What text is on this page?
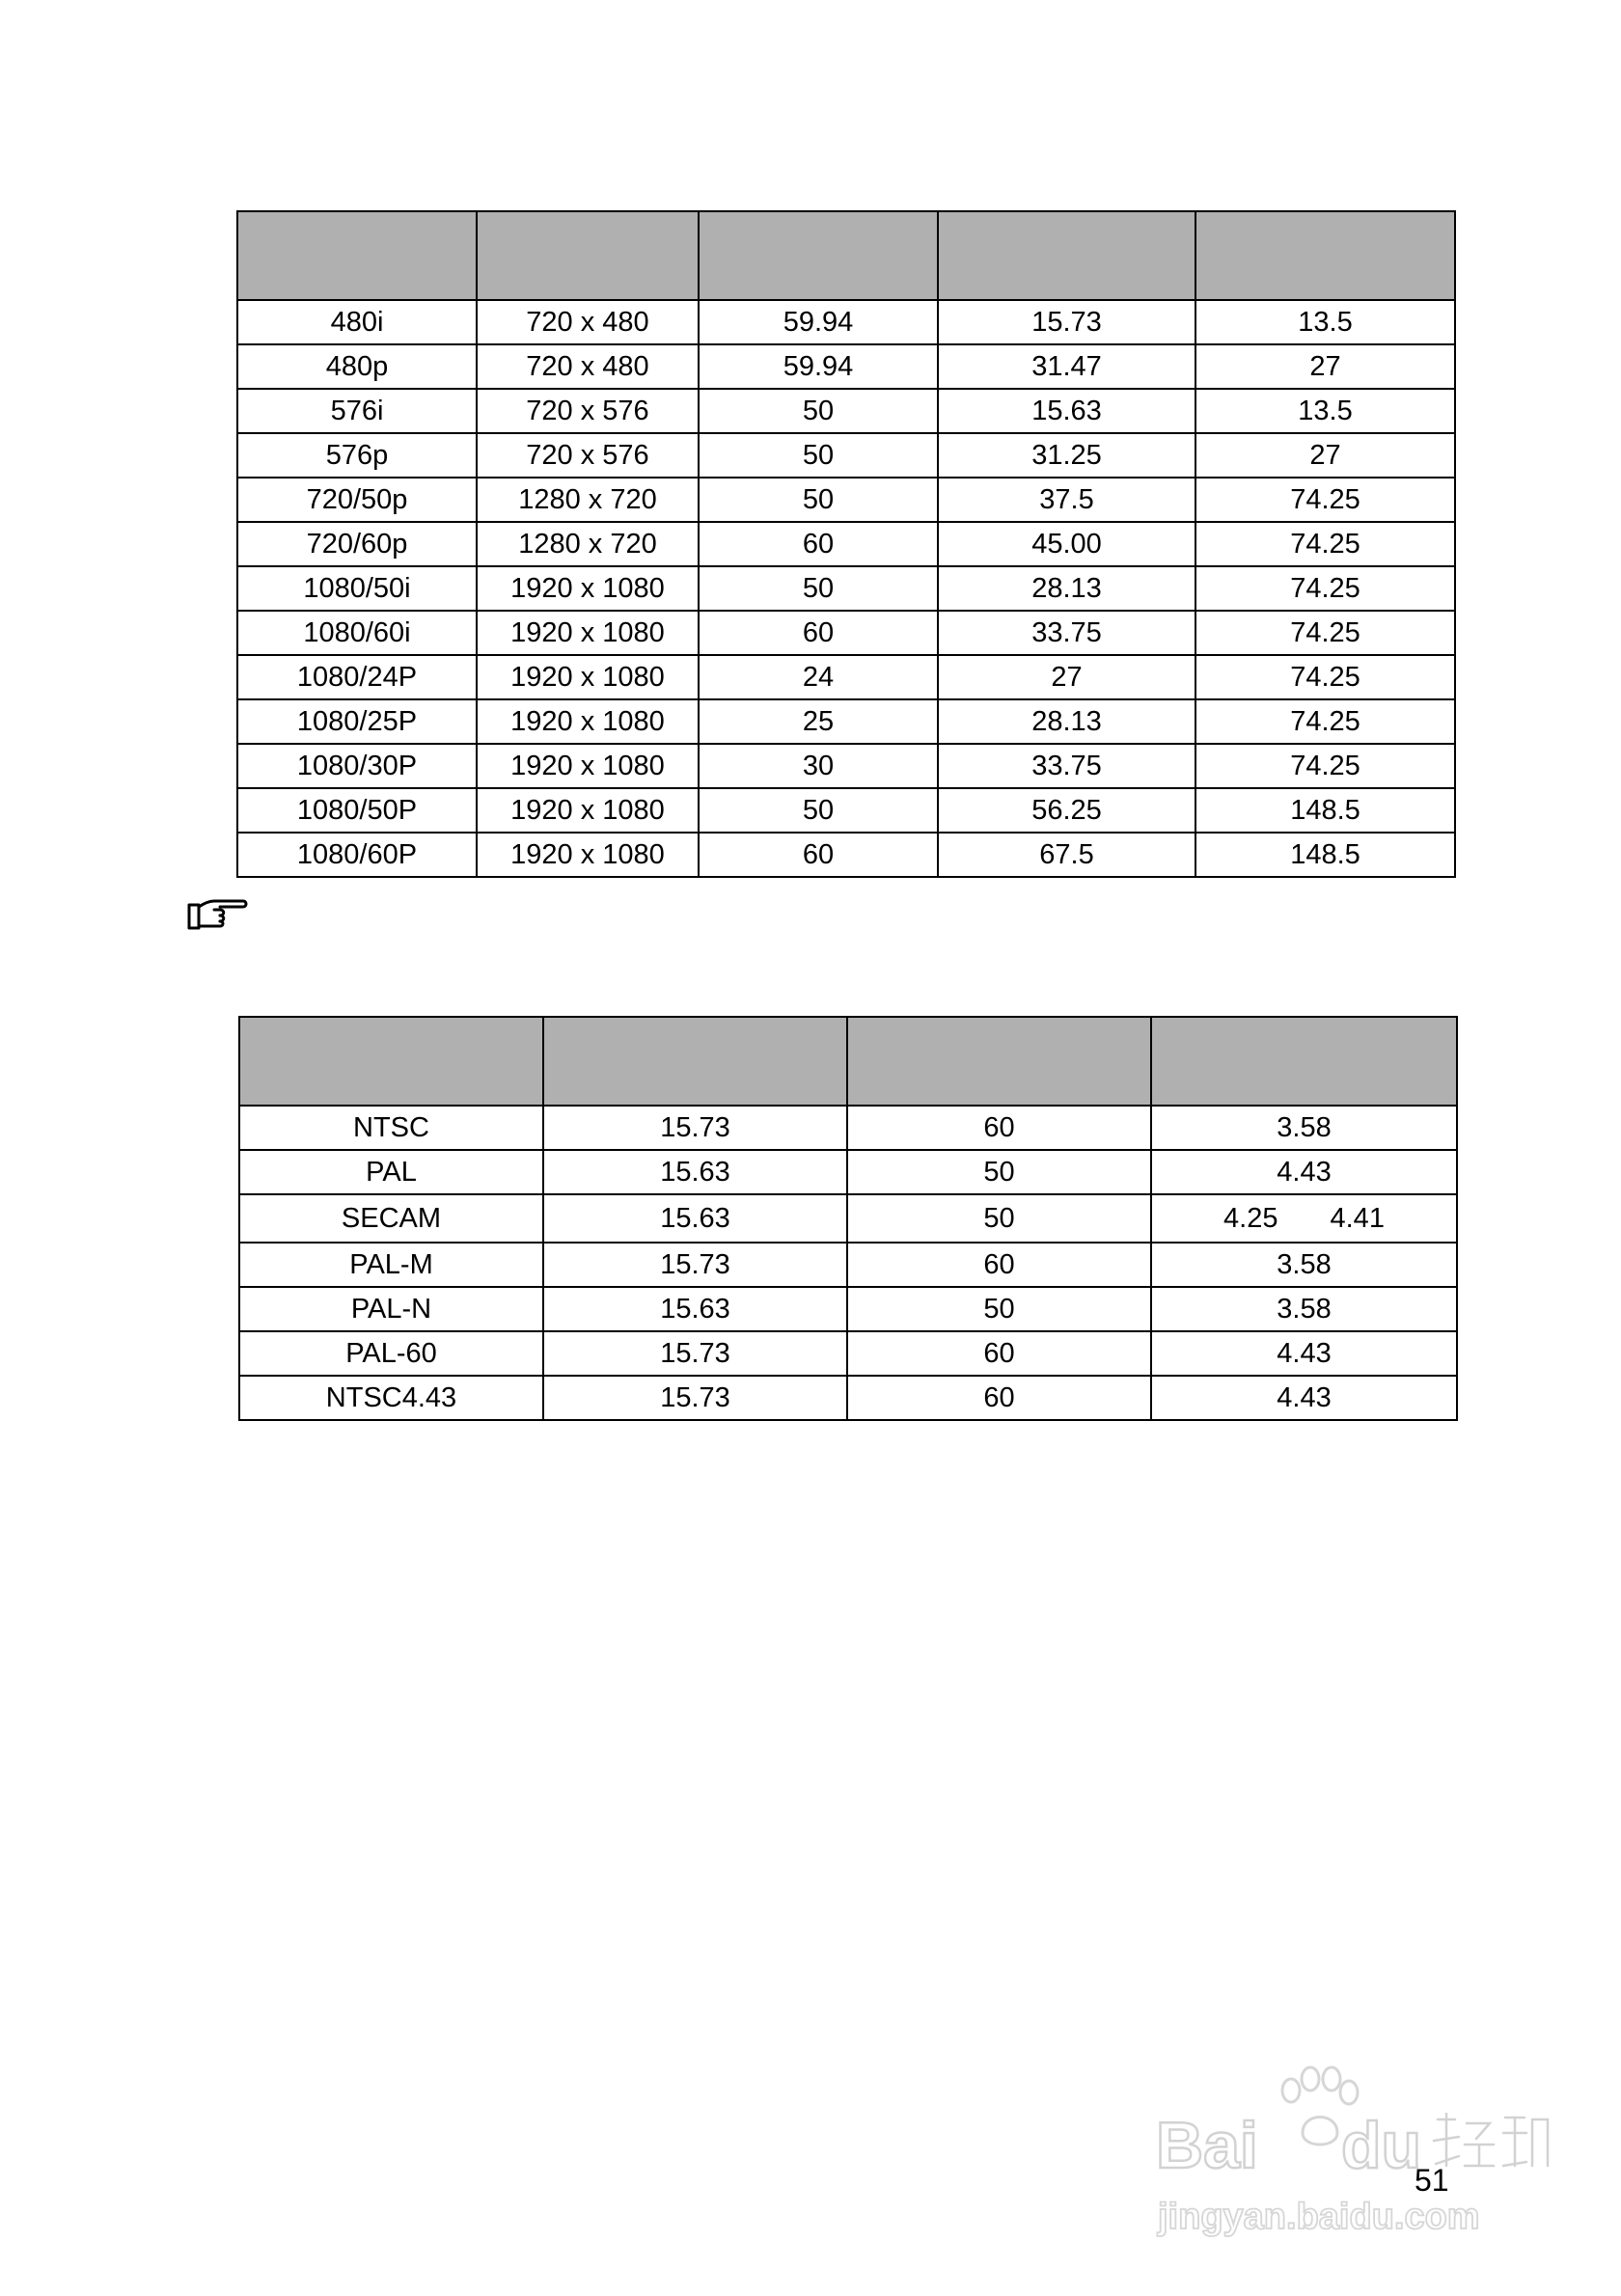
480i	720 x 480	59.94	15.73	13.5
480p	720 x 480	59.94	31.47	27
576i	720 x 576	50	15.63	13.5
576p	720 x 576	50	31.25	27
720/50p	1280 x 720	50	37.5	74.25
720/60p	1280 x 720	60	45.00	74.25
1080/50i	1920 x 1080	50	28.13	74.25
1080/60i	1920 x 1080	60	33.75	74.25
1080/24P	1920 x 1080	24	27	74.25
1080/25P	1920 x 1080	25	28.13	74.25
1080/30P	1920 x 1080	30	33.75	74.25
1080/50P	1920 x 1080	50	56.25	148.5
1080/60P	1920 x 1080	60	67.5	148.5

NTSC	15.73	60	3.58
PAL	15.63	50	4.43
SECAM	15.63	50	4.25 4.41
PAL-M	15.73	60	3.58
PAL-N	15.63	50	3.58
PAL-60	15.73	60	4.43
NTSC4.43	15.73	60	4.43
Bai du
jingyan.baidu.com
51
